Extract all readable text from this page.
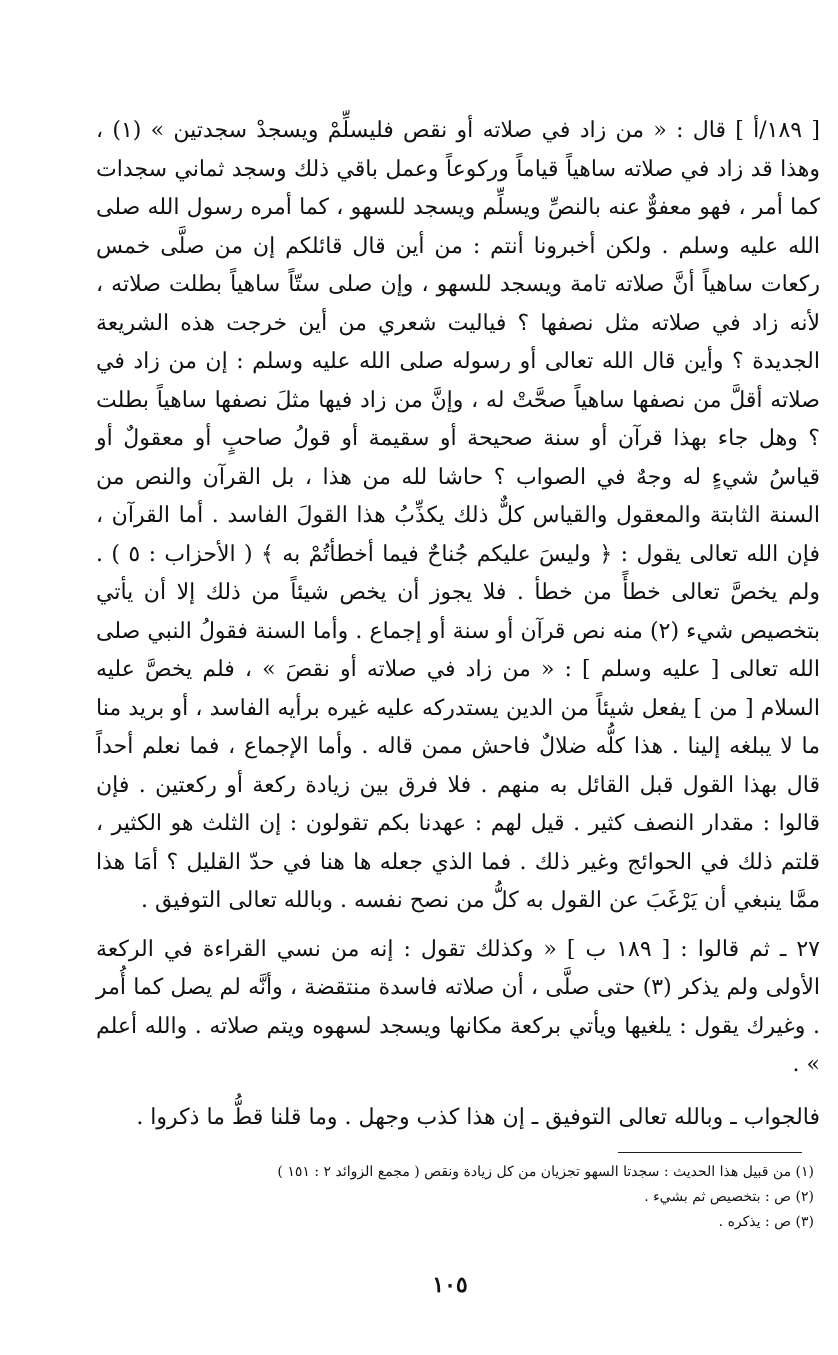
[ ١٨٩/أ ] قال : « من زاد في صلاته أو نقص فليسلِّمْ ويسجدْ سجدتين » (١) ، وهذا قد زاد في صلاته ساهياً قياماً وركوعاً وعمل باقي ذلك وسجد ثماني سجدات كما أمر ، فهو معفوٌّ عنه بالنصِّ ويسلِّم ويسجد للسهو ، كما أمره رسول الله صلى الله عليه وسلم . ولكن أخبرونا أنتم : من أين قال قائلكم إن من صلَّى خمس ركعات ساهياً أنَّ صلاته تامة ويسجد للسهو ، وإن صلى ستّاً ساهياً بطلت صلاته ، لأنه زاد في صلاته مثل نصفها ؟ فياليت شعري من أين خرجت هذه الشريعة الجديدة ؟ وأين قال الله تعالى أو رسوله صلى الله عليه وسلم : إن من زاد في صلاته أقلَّ من نصفها ساهياً صحَّتْ له ، وإنَّ من زاد فيها مثلَ نصفها ساهياً بطلت ؟ وهل جاء بهذا قرآن أو سنة صحيحة أو سقيمة أو قولُ صاحبٍ أو معقولٌ أو قياسُ شيءٍ له وجهٌ في الصواب ؟ حاشا لله من هذا ، بل القرآن والنص من السنة الثابتة والمعقول والقياس كلٌّ ذلك يكذِّبُ هذا القولَ الفاسد . أما القرآن ، فإن الله تعالى يقول : ﴿ وليسَ عليكم جُناحٌ فيما أخطأتُمْ به ﴾ ( الأحزاب : ٥ ) . ولم يخصَّ تعالى خطأً من خطأ . فلا يجوز أن يخص شيئاً من ذلك إلا أن يأتي بتخصيص شيء (٢) منه نص قرآن أو سنة أو إجماع . وأما السنة فقولُ النبي صلى الله تعالى [ عليه وسلم ] : « من زاد في صلاته أو نقصَ » ، فلم يخصَّ عليه السلام [ من ] يفعل شيئاً من الدين يستدركه عليه غيره برأيه الفاسد ، أو بريد منا ما لا يبلغه إلينا . هذا كلُّه ضلالٌ فاحش ممن قاله . وأما الإجماع ، فما نعلم أحداً قال بهذا القول قبل القائل به منهم . فلا فرق بين زيادة ركعة أو ركعتين . فإن قالوا : مقدار النصف كثير . قيل لهم : عهدنا بكم تقولون : إن الثلث هو الكثير ، قلتم ذلك في الحوائج وغير ذلك . فما الذي جعله ها هنا في حدّ القليل ؟ أمَا هذا ممَّا ينبغي أن يَرْغَبَ عن القول به كلُّ من نصح نفسه . وبالله تعالى التوفيق .

٢٧ ـ ثم قالوا : [ ١٨٩ ب ] « وكذلك تقول : إنه من نسي القراءة في الركعة الأولى ولم يذكر (٣) حتى صلَّى ، أن صلاته فاسدة منتقضة ، وأنَّه لم يصل كما أُمر . وغيرك يقول : يلغيها ويأتي بركعة مكانها ويسجد لسهوه ويتم صلاته . والله أعلم » .

فالجواب ـ وبالله تعالى التوفيق ـ إن هذا كذب وجهل . وما قلنا قطُّ ما ذكروا .

(١) من قبيل هذا الحديث : سجدتا السهو تجزيان من كل زيادة ونقص ( مجمع الزوائد ٢ : ١٥١ )
(٢) ص : بتخصيص ثم بشيء .
(٣) ص : يذكره .
١٠٥
